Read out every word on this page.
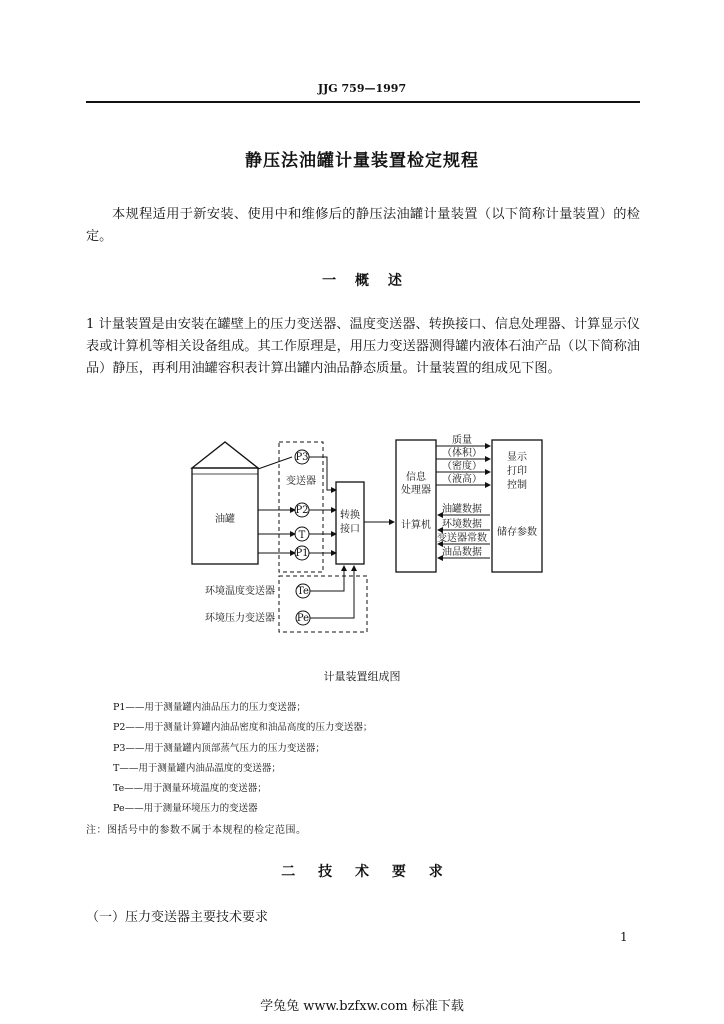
JJG 759—1997
静压法油罐计量装置检定规程
本规程适用于新安装、使用中和维修后的静压法油罐计量装置（以下简称计量装置）的检定。
一 概 述
1 计量装置是由安装在罐壁上的压力变送器、温度变送器、转换接口、信息处理器、计算显示仪表或计算机等相关设备组成。其工作原理是，用压力变送器测得罐内液体石油产品（以下简称油品）静压，再利用油罐容积表计算出罐内油品静态质量。计量装置的组成见下图。
油罐
变送器
P3
P2
T
P1
转换
接口
Te
Pe
环境温度变送器
环境压力变送器
信息
处理器
计算机
质量
（体积）
（密度）
（液高）
油罐数据
环境数据
变送器常数
油品数据
显示
打印
控制
储存参数
计量装置组成图
P1——用于测量罐内油品压力的压力变送器；
P2——用于测量计算罐内油品密度和油品高度的压力变送器；
P3——用于测量罐内顶部蒸气压力的压力变送器；
T——用于测量罐内油品温度的变送器；
Te——用于测量环境温度的变送器；
Pe——用于测量环境压力的变送器
注：图括号中的参数不属于本规程的检定范围。
二 技 术 要 求
（一）压力变送器主要技术要求
1
学兔兔 www.bzfxw.com 标准下载
